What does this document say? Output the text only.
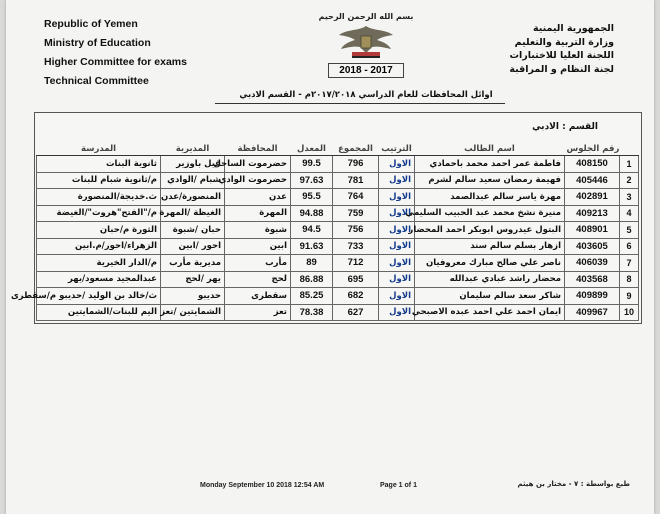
Republic of Yemen
Ministry of Education
Higher Committee for exams
Technical Committee
بسم الله الرحمن الرحيم
2018 - 2017
الجمهورية اليمنية
وزارة التربية والتعليم
اللجنة العليا للاختبارات
لجنة النظام و المراقبة
اوائل المحافظات للعام الدراسي ٢٠١٧/٢٠١٨م - القسم الادبي
القسم : الادبي
المدرسة	المديرية	المحافظة	المعدل	المجموع	الترتيب	اسم الطالب	رقم الجلوس	
ثانوية البنات	غيل باوزير	حضرموت الساحل	99.5	796	الاول	فاطمة عمر احمد محمد باحمادي	408150	1
م/ثانوية شبام للبنات	شبام /الوادي	حضرموت الوادي	97.63	781	الاول	فهيمة رمضان سعيد سالم لشرم	405446	2
ث.خديجة/المنصورة	المنصورة/عدن	عدن	95.5	764	الاول	مهرة ياسر سالم عبدالصمد	402891	3
م/"الفتح"هروت"/الغيضة	الغيظة /المهرة	المهرة	94.88	759	الاول	منيرة نشخ محمد عبد الحبيب السليمي	409213	4
الثورة م/حبان	حبان /شبوة	شبوة	94.5	756	الاول	البتول عيدروس ابوبكر احمد المحضار	408901	5
الزهراء/احور/م.ابين	احور /ابين	ابين	91.63	733	الاول	ازهار بسلم سالم سند	403605	6
م/الدار الخيرية	مديرية مأرب	مأرب	89	712	الاول	ناصر علي صالح مبارك معروفيان	406039	7
عبدالمجيد مسعود/يهر	يهر /لحج	لحج	86.88	695	الاول	محضار راشد عبادي عبدالله	403568	8
ث/خالد بن الوليد /حديبو م/سقطرى	حديبو	سقطرى	85.25	682	الاول	شاكر سعد سالم سليمان	409899	9
اليم للبنات/الشمايتين	الشمايتين /تعز	تعز	78.38	627	الاول	ايمان احمد علي احمد عبده الاصبحي	409967	10
Monday September 10 2018 12:54 AM	Page 1 of 1	طبع بواسطة : ٧ - مختار بن هيثم
